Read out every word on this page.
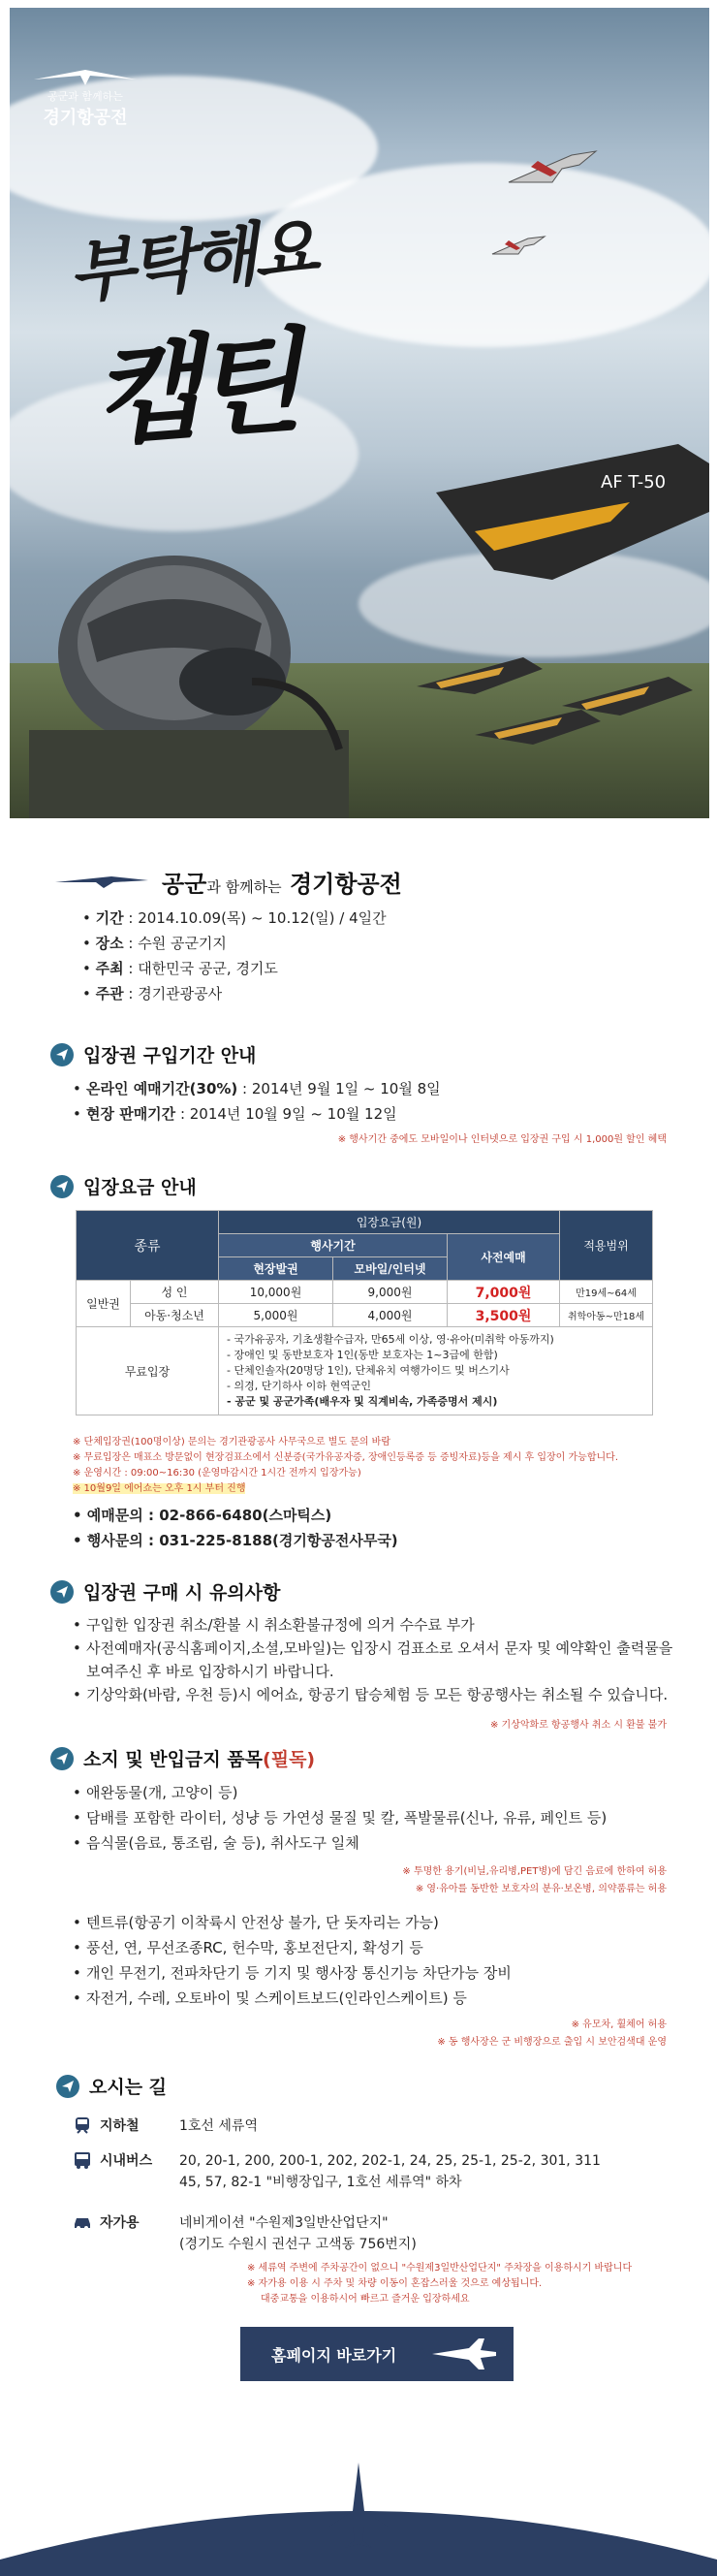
공군과 함께하는
경기항공전
부탁해요
캡틴
AF T-50
공군과 함께하는 경기항공전
• 기간 : 2014.10.09(목) ~ 10.12(일) / 4일간
• 장소 : 수원 공군기지
• 주최 : 대한민국 공군, 경기도
• 주관 : 경기관광공사
입장권 구입기간 안내
• 온라인 예매기간(30%) : 2014년 9월 1일 ~ 10월 8일
• 현장 판매기간 : 2014년 10월 9일 ~ 10월 12일
※ 행사기간 중에도 모바일이나 인터넷으로 입장권 구입 시 1,000원 할인 혜택
입장요금 안내
종류		입장요금(원)			적용범위
		행사기간		사전예매	
		현장발권	모바일/인터넷		
일반권	성 인	10,000원	9,000원	7,000원	만19세~64세
	아동·청소년	5,000원	4,000원	3,500원	취학아동~만18세
무료입장		- 국가유공자, 기초생활수급자, 만65세 이상, 영·유아(미취학 아동까지)
- 장애인 및 동반보호자 1인(동반 보호자는 1~3급에 한함)
- 단체인솔자(20명당 1인), 단체유치 여행가이드 및 버스기사
- 의경, 단기하사 이하 현역군인
- 공군 및 공군가족(배우자 및 직계비속, 가족증명서 제시)			
※ 단체입장권(100명이상) 문의는 경기관광공사 사무국으로 별도 문의 바람
※ 무료입장은 매표소 방문없이 현장검표소에서 신분증(국가유공자증, 장애인등록증 등 증빙자료)등을 제시 후 입장이 가능합니다.
※ 운영시간 : 09:00~16:30 (운영마감시간 1시간 전까지 입장가능)
※ 10월9일 에어쇼는 오후 1시 부터 진행
• 예매문의 : 02-866-6480(스마틱스)
• 행사문의 : 031-225-8188(경기항공전사무국)
입장권 구매 시 유의사항
• 구입한 입장권 취소/환불 시 취소환불규정에 의거 수수료 부가
• 사전예매자(공식홈페이지,소셜,모바일)는 입장시 검표소로 오셔서 문자 및 예약확인 출력물을 보여주신 후 바로 입장하시기 바랍니다.
• 기상악화(바람, 우천 등)시 에어쇼, 항공기 탑승체험 등 모든 항공행사는 취소될 수 있습니다.
※ 기상악화로 항공행사 취소 시 환불 불가
소지 및 반입금지 품목(필독)
• 애완동물(개, 고양이 등)
• 담배를 포함한 라이터, 성냥 등 가연성 물질 및 칼, 폭발물류(신나, 유류, 페인트 등)
• 음식물(음료, 통조림, 술 등), 취사도구 일체
※ 투명한 용기(비닐,유리병,PET병)에 담긴 음료에 한하여 허용
※ 영·유아를 동반한 보호자의 분유·보온병, 의약품류는 허용
• 텐트류(항공기 이착륙시 안전상 불가, 단 돗자리는 가능)
• 풍선, 연, 무선조종RC, 헌수막, 홍보전단지, 확성기 등
• 개인 무전기, 전파차단기 등 기지 및 행사장 통신기능 차단가능 장비
• 자전거, 수레, 오토바이 및 스케이트보드(인라인스케이트) 등
※ 유모차, 휠체어 허용
※ 동 행사장은 군 비행장으로 출입 시 보안검색대 운영
오시는 길
지하철	1호선 세류역
시내버스 20, 20-1, 200, 200-1, 202, 202-1, 24, 25, 25-1, 25-2, 301, 311
45, 57, 82-1 "비행장입구, 1호선 세류역" 하차
자가용	네비게이션 "수원제3일반산업단지"
(경기도 수원시 권선구 고색동 756번지)
※ 세류역 주변에 주차공간이 없으니 "수원제3일반산업단지" 주차장을 이용하시기 바랍니다
※ 자가용 이용 시 주차 및 차량 이동이 혼잡스러울 것으로 예상됩니다.
대중교통을 이용하시어 빠르고 즐거운 입장하세요
홈페이지 바로가기
